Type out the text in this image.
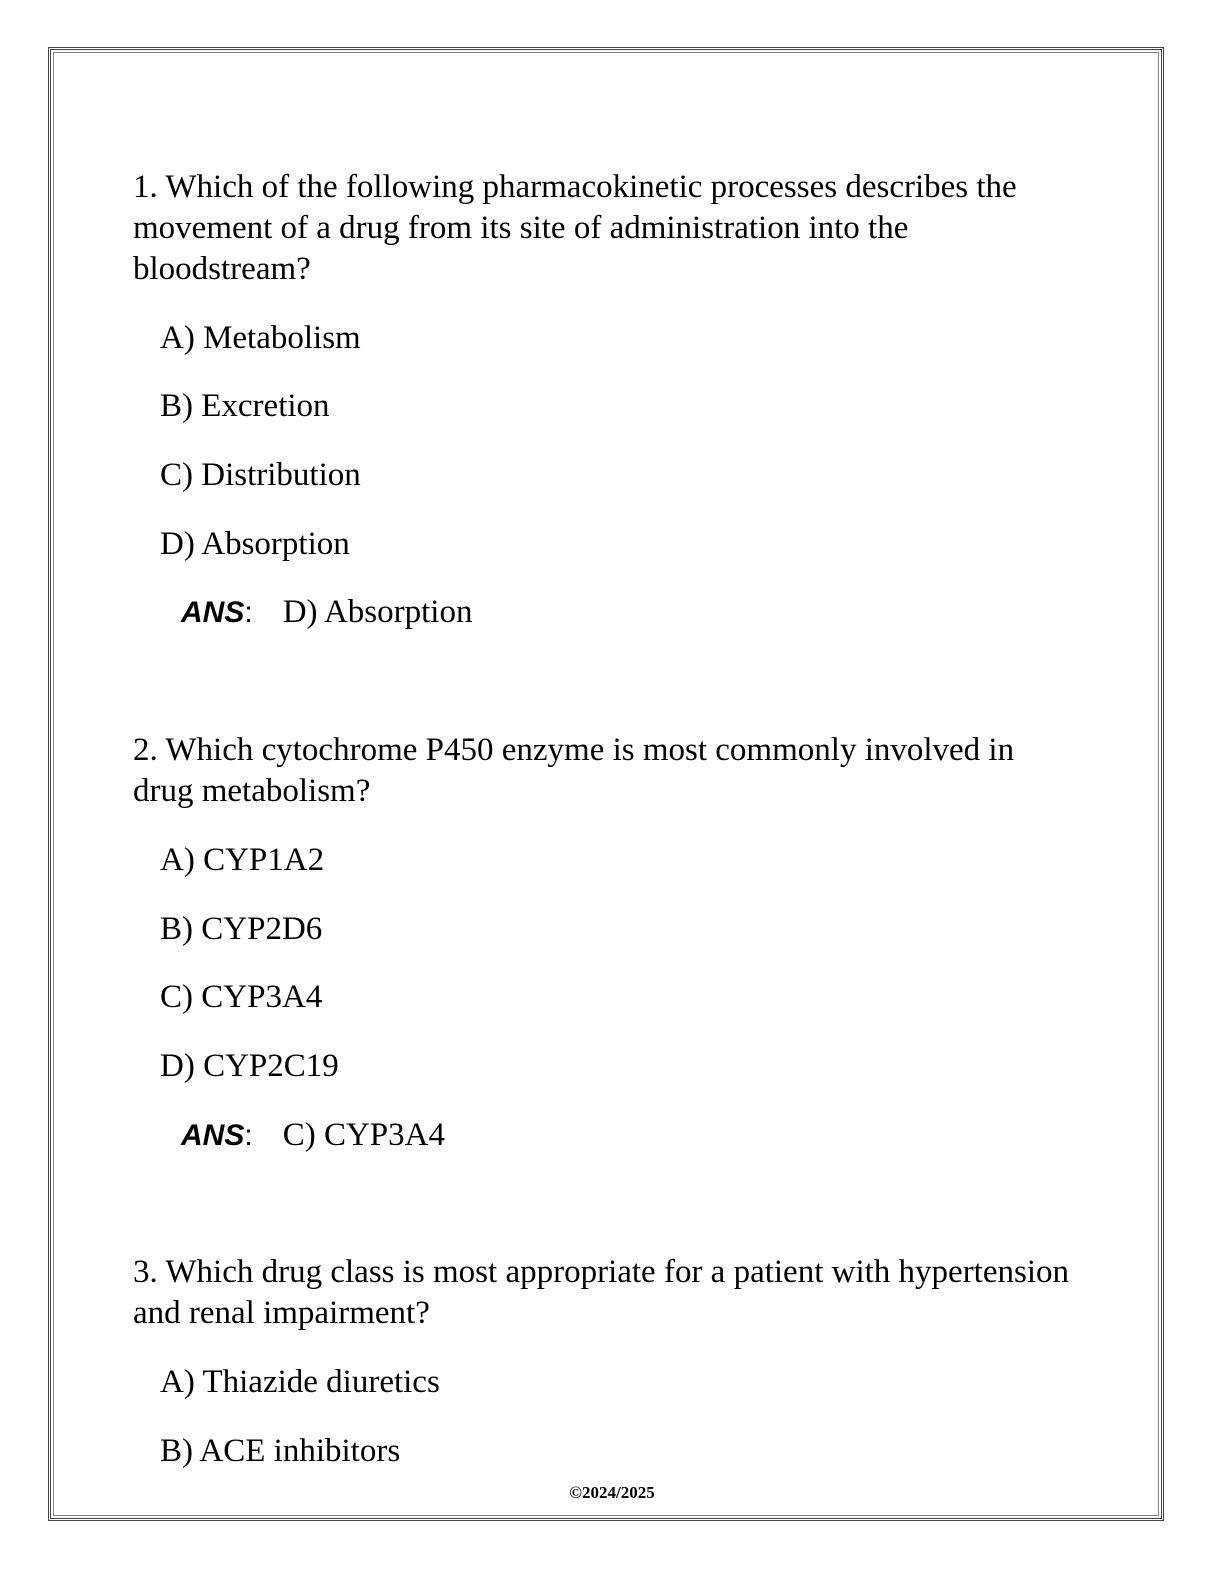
1. Which of the following pharmacokinetic processes describes the movement of a drug from its site of administration into the bloodstream?

A) Metabolism

B) Excretion

C) Distribution

D) Absorption

ANS: D) Absorption

2. Which cytochrome P450 enzyme is most commonly involved in drug metabolism?

A) CYP1A2

B) CYP2D6

C) CYP3A4

D) CYP2C19

ANS: C) CYP3A4

3. Which drug class is most appropriate for a patient with hypertension and renal impairment?

A) Thiazide diuretics

B) ACE inhibitors

©2024/2025
